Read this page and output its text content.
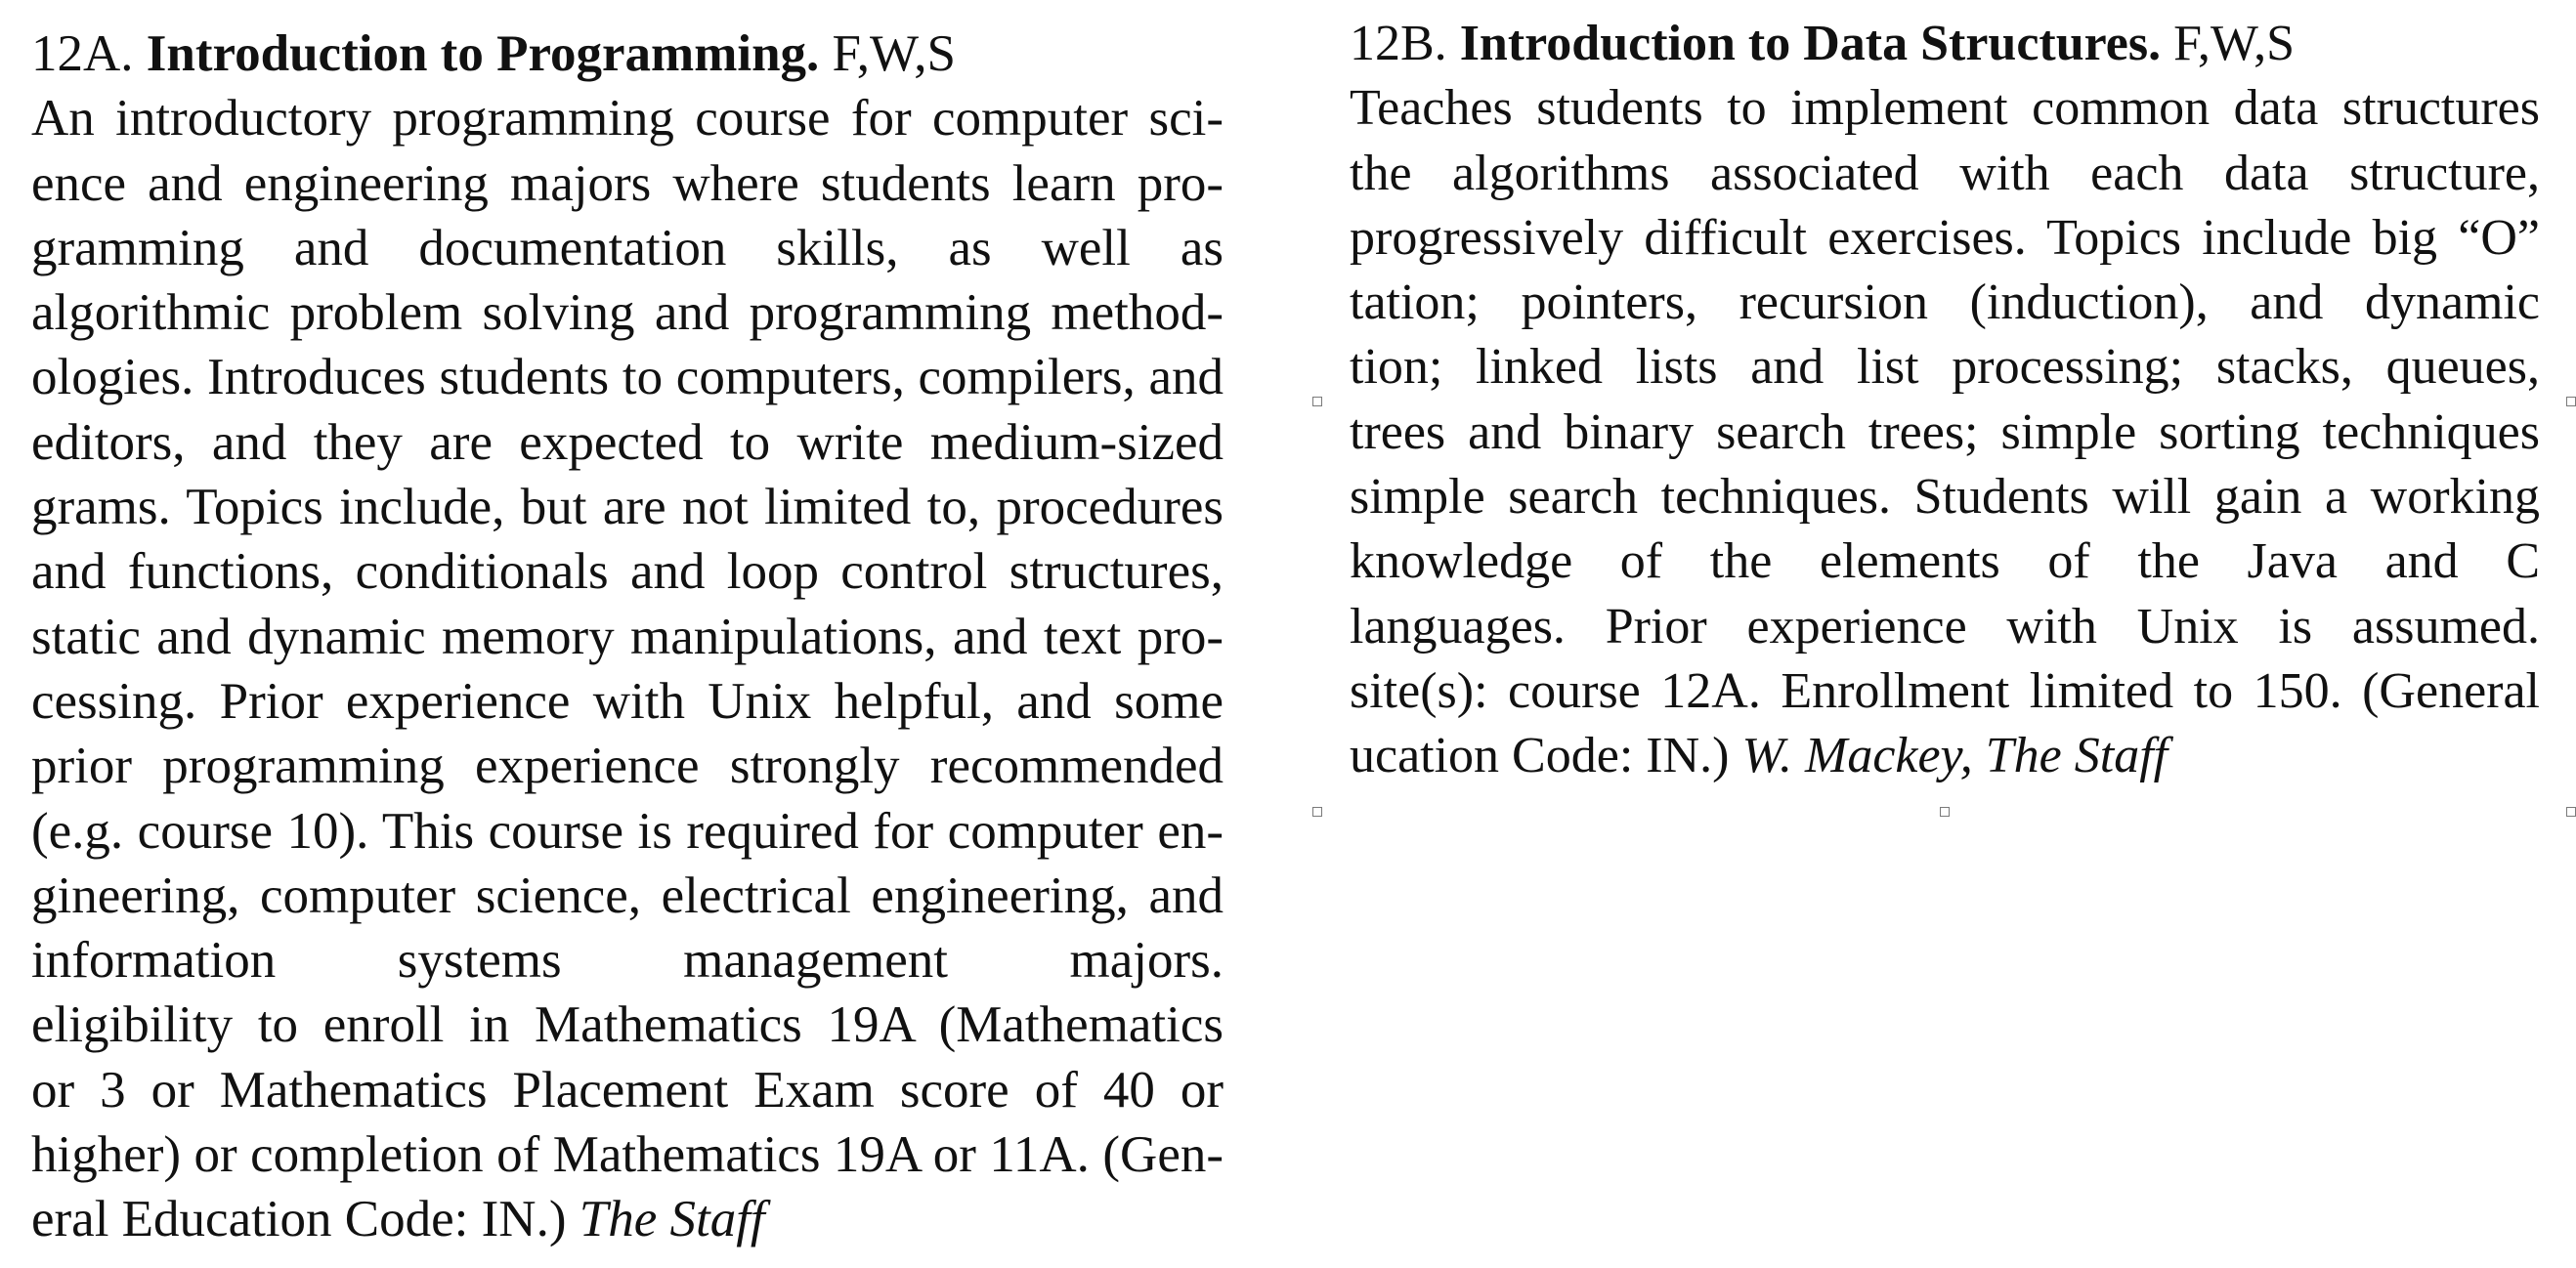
12A. Introduction to Programming. F,W,S
An introductory programming course for computer sci-
ence and engineering majors where students learn pro-
gramming and documentation skills, as well as
algorithmic problem solving and programming method-
ologies. Introduces students to computers, compilers, and
editors, and they are expected to write medium-sized
grams. Topics include, but are not limited to, procedures
and functions, conditionals and loop control structures,
static and dynamic memory manipulations, and text pro-
cessing. Prior experience with Unix helpful, and some
prior programming experience strongly recommended
(e.g. course 10). This course is required for computer en-
gineering, computer science, electrical engineering, and
information systems management majors.
eligibility to enroll in Mathematics 19A (Mathematics
or 3 or Mathematics Placement Exam score of 40 or
higher) or completion of Mathematics 19A or 11A. (Gen-
eral Education Code: IN.) The Staff
12B. Introduction to Data Structures. F,W,S
Teaches students to implement common data structures
the algorithms associated with each data structure,
progressively difficult exercises. Topics include big “O”
tation; pointers, recursion (induction), and dynamic
tion; linked lists and list processing; stacks, queues,
trees and binary search trees; simple sorting techniques
simple search techniques. Students will gain a working
knowledge of the elements of the Java and C
languages. Prior experience with Unix is assumed.
site(s): course 12A. Enrollment limited to 150. (General
ucation Code: IN.) W. Mackey, The Staff
